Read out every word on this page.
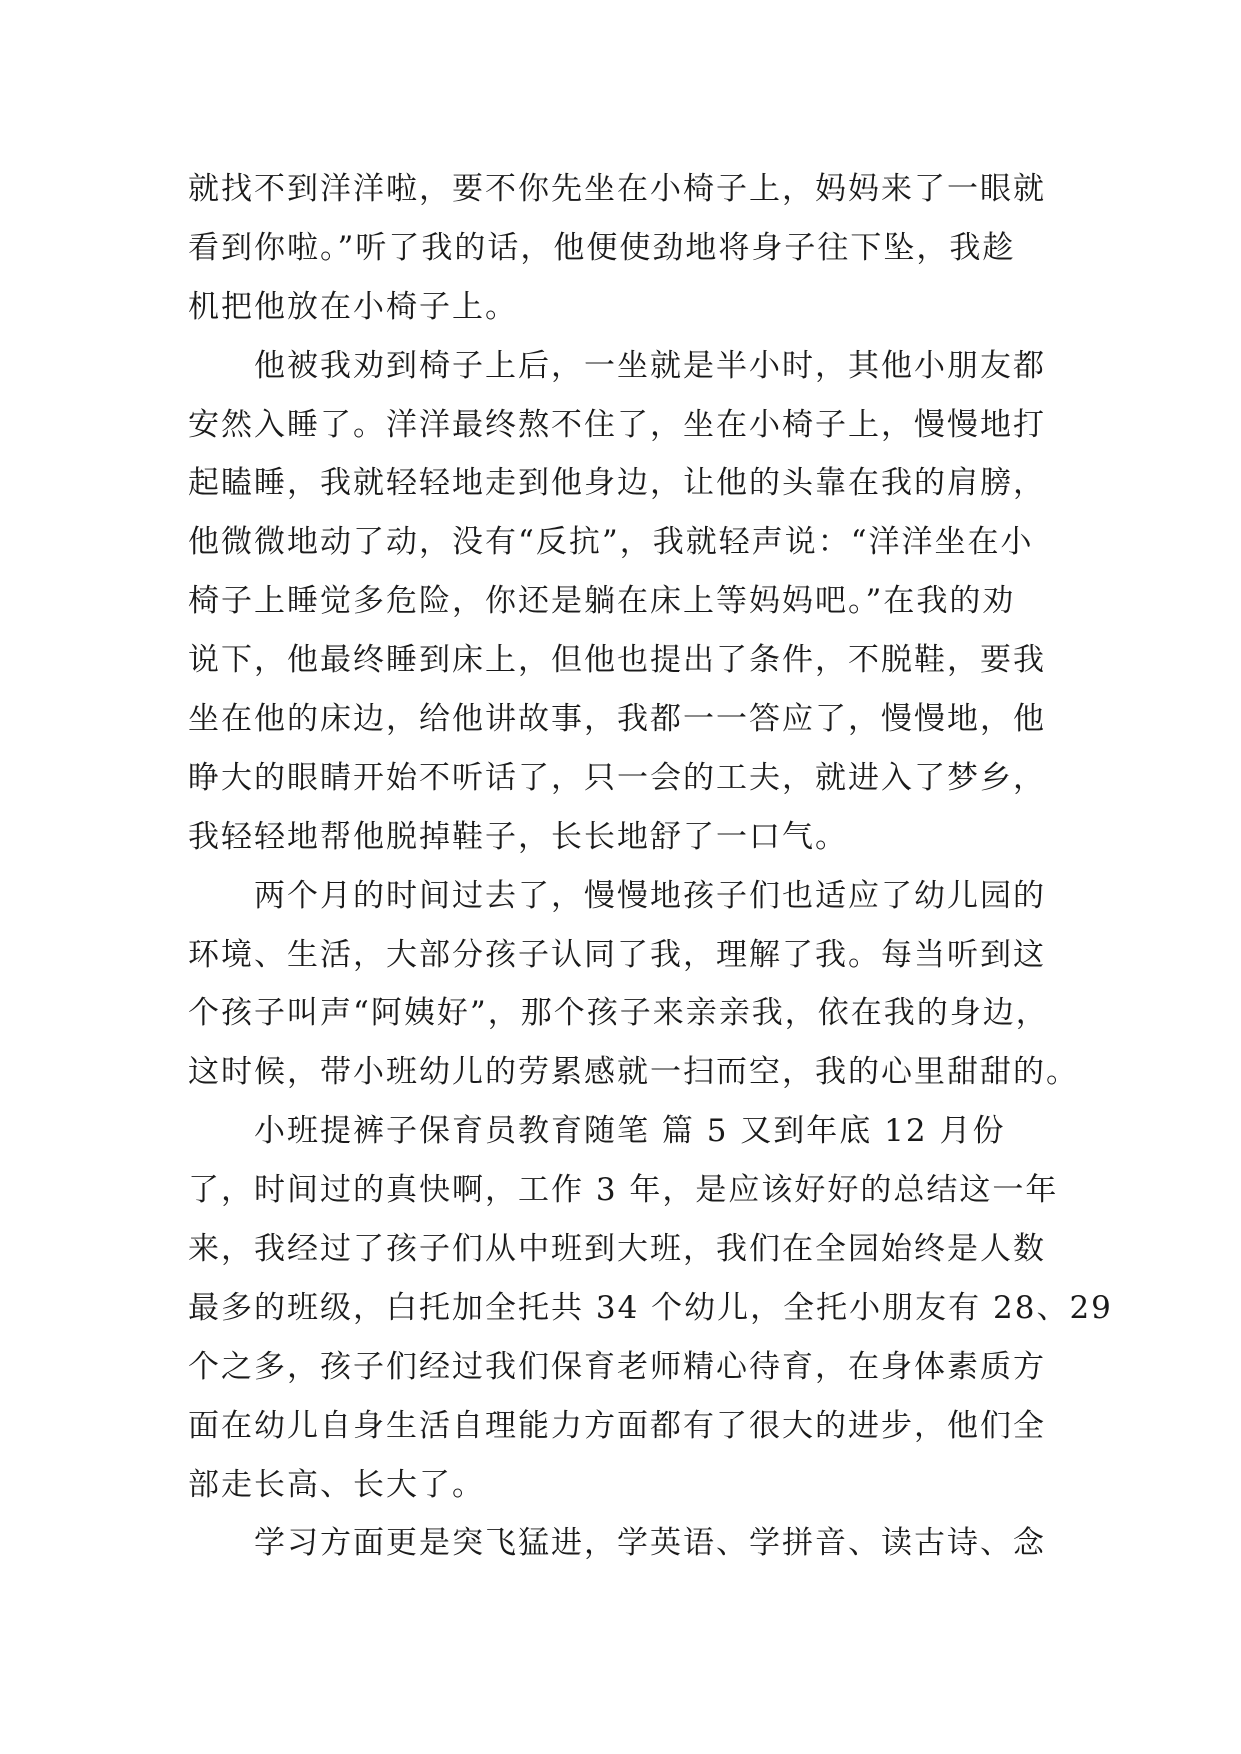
就找不到洋洋啦，要不你先坐在小椅子上，妈妈来了一眼就
看到你啦。”听了我的话，他便使劲地将身子往下坠，我趁
机把他放在小椅子上。
他被我劝到椅子上后，一坐就是半小时，其他小朋友都
安然入睡了。洋洋最终熬不住了，坐在小椅子上，慢慢地打
起瞌睡，我就轻轻地走到他身边，让他的头靠在我的肩膀，
他微微地动了动，没有“反抗”，我就轻声说：“洋洋坐在小
椅子上睡觉多危险，你还是躺在床上等妈妈吧。”在我的劝
说下，他最终睡到床上，但他也提出了条件，不脱鞋，要我
坐在他的床边，给他讲故事，我都一一答应了，慢慢地，他
睁大的眼睛开始不听话了，只一会的工夫，就进入了梦乡，
我轻轻地帮他脱掉鞋子，长长地舒了一口气。
两个月的时间过去了，慢慢地孩子们也适应了幼儿园的
环境、生活，大部分孩子认同了我，理解了我。每当听到这
个孩子叫声“阿姨好”，那个孩子来亲亲我，依在我的身边，
这时候，带小班幼儿的劳累感就一扫而空，我的心里甜甜的。
小班提裤子保育员教育随笔 篇 5 又到年底 12 月份
了，时间过的真快啊，工作 3 年，是应该好好的总结这一年
来，我经过了孩子们从中班到大班，我们在全园始终是人数
最多的班级，白托加全托共 34 个幼儿，全托小朋友有 28、29
个之多，孩子们经过我们保育老师精心待育，在身体素质方
面在幼儿自身生活自理能力方面都有了很大的进步，他们全
部走长高、长大了。
学习方面更是突飞猛进，学英语、学拼音、读古诗、念
